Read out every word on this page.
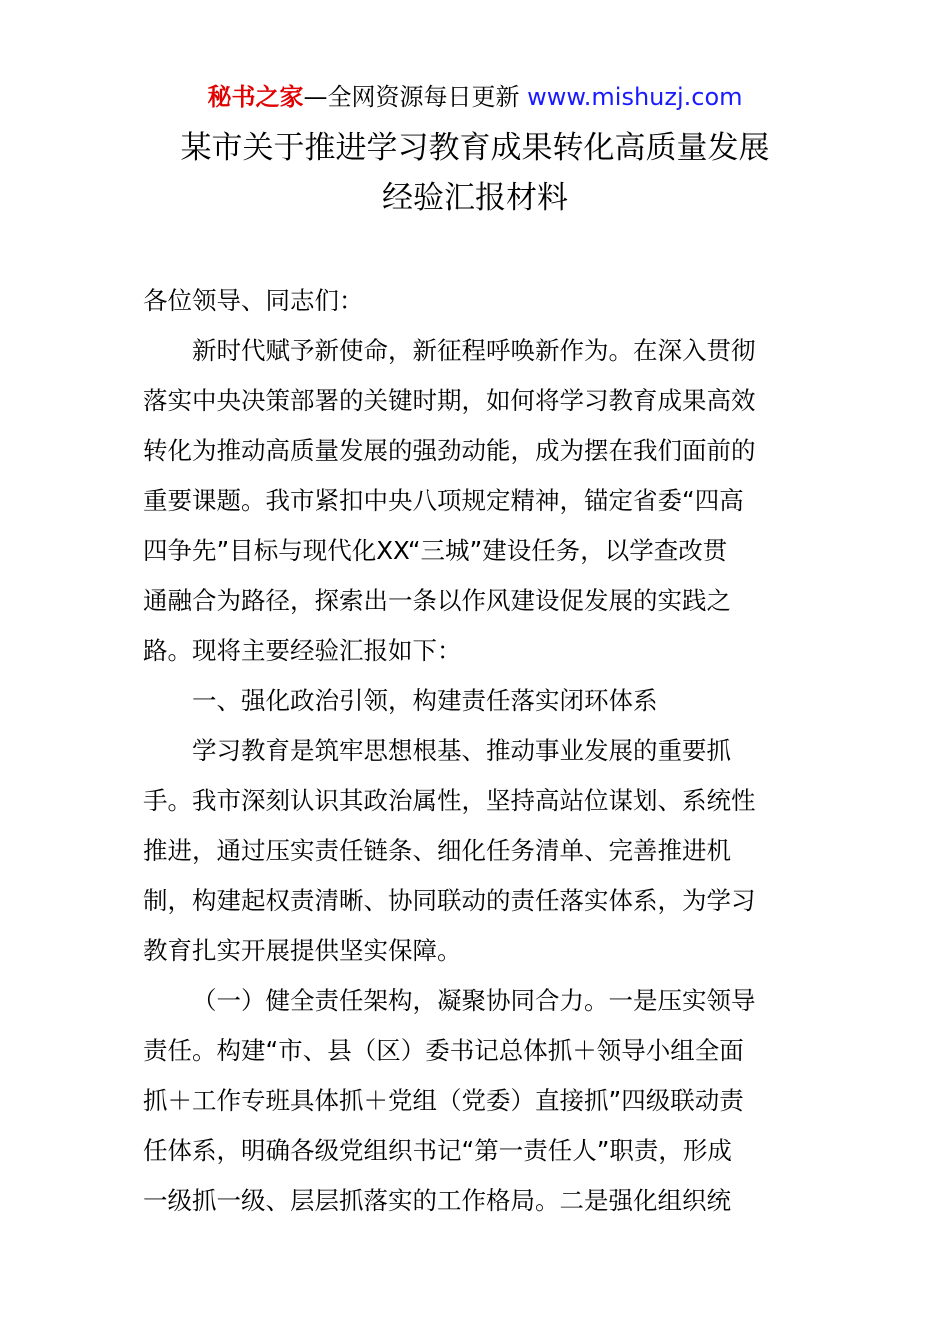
秘书之家—全网资源每日更新 www.mishuzj.com
某市关于推进学习教育成果转化高质量发展
经验汇报材料
各位领导、同志们：
新时代赋予新使命，新征程呼唤新作为。在深入贯彻
落实中央决策部署的关键时期，如何将学习教育成果高效
转化为推动高质量发展的强劲动能，成为摆在我们面前的
重要课题。我市紧扣中央八项规定精神，锚定省委“四高
四争先”目标与现代化XX“三城”建设任务，以学查改贯
通融合为路径，探索出一条以作风建设促发展的实践之
路。现将主要经验汇报如下：
一、强化政治引领，构建责任落实闭环体系
学习教育是筑牢思想根基、推动事业发展的重要抓
手。我市深刻认识其政治属性，坚持高站位谋划、系统性
推进，通过压实责任链条、细化任务清单、完善推进机
制，构建起权责清晰、协同联动的责任落实体系，为学习
教育扎实开展提供坚实保障。
（一）健全责任架构，凝聚协同合力。一是压实领导
责任。构建“市、县（区）委书记总体抓＋领导小组全面
抓＋工作专班具体抓＋党组（党委）直接抓”四级联动责
任体系，明确各级党组织书记“第一责任人”职责，形成
一级抓一级、层层抓落实的工作格局。二是强化组织统
